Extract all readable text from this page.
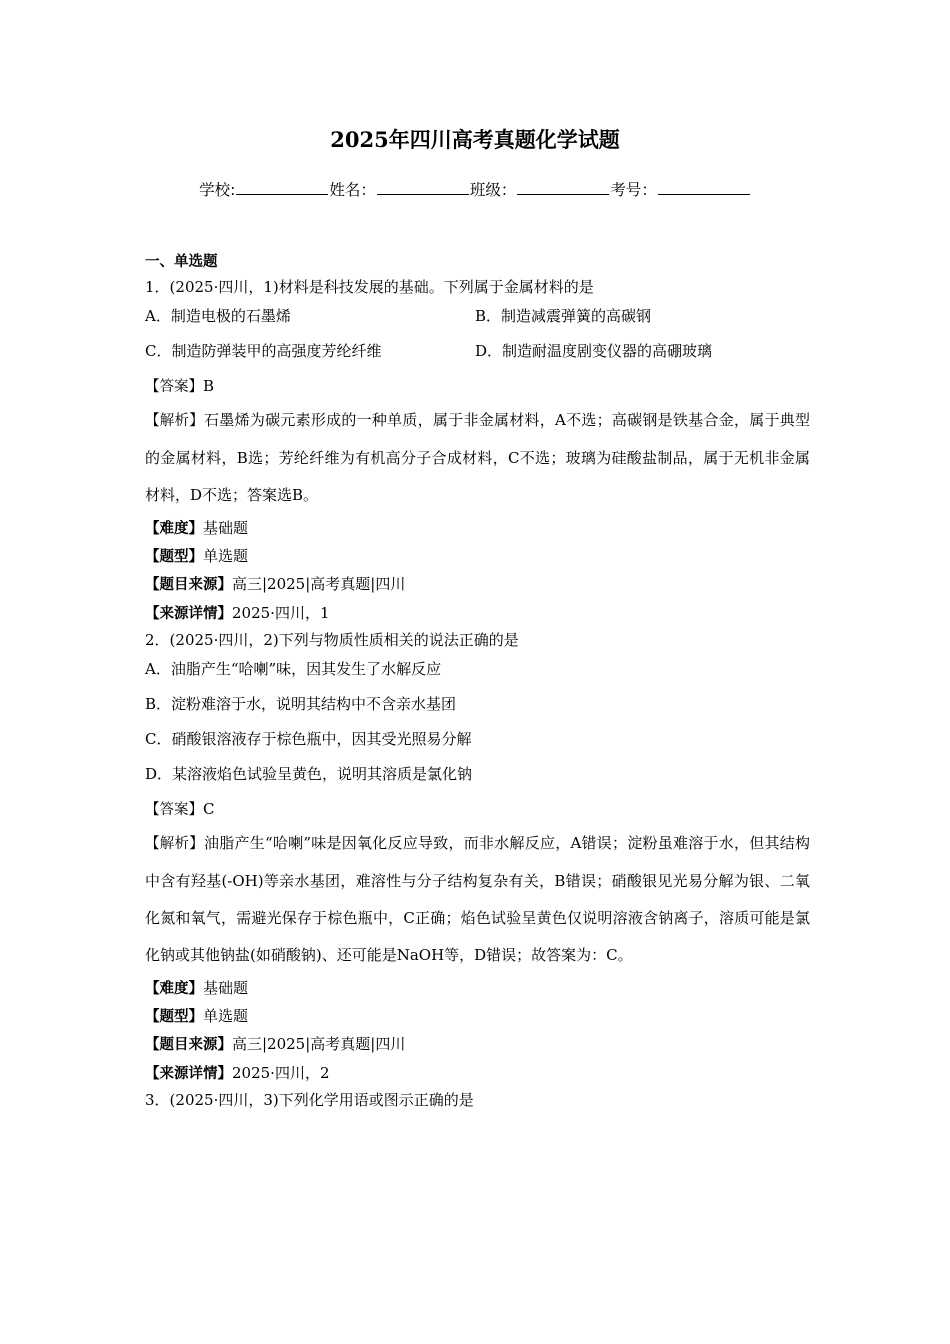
2025年四川高考真题化学试题
学校:	姓名：	班级：	考号：
一、单选题
1．(2025·四川，1)材料是科技发展的基础。下列属于金属材料的是
A．制造电极的石墨烯	B．制造减震弹簧的高碳钢
C．制造防弹装甲的高强度芳纶纤维	D．制造耐温度剧变仪器的高硼玻璃
【答案】B
【解析】石墨烯为碳元素形成的一种单质，属于非金属材料，A不选；高碳钢是铁基合金，属于典型的金属材料，B选；芳纶纤维为有机高分子合成材料，C不选；玻璃为硅酸盐制品，属于无机非金属材料，D不选；答案选B。
【难度】基础题
【题型】单选题
【题目来源】高三|2025|高考真题|四川
【来源详情】2025·四川，1
2．(2025·四川，2)下列与物质性质相关的说法正确的是
A．油脂产生“哈喇”味，因其发生了水解反应
B．淀粉难溶于水，说明其结构中不含亲水基团
C．硝酸银溶液存于棕色瓶中，因其受光照易分解
D．某溶液焰色试验呈黄色，说明其溶质是氯化钠
【答案】C
【解析】油脂产生“哈喇”味是因氧化反应导致，而非水解反应，A错误；淀粉虽难溶于水，但其结构中含有羟基(-OH)等亲水基团，难溶性与分子结构复杂有关，B错误；硝酸银见光易分解为银、二氧化氮和氧气，需避光保存于棕色瓶中，C正确；焰色试验呈黄色仅说明溶液含钠离子，溶质可能是氯化钠或其他钠盐(如硝酸钠)、还可能是NaOH等，D错误；故答案为：C。
【难度】基础题
【题型】单选题
【题目来源】高三|2025|高考真题|四川
【来源详情】2025·四川，2
3．(2025·四川，3)下列化学用语或图示正确的是
